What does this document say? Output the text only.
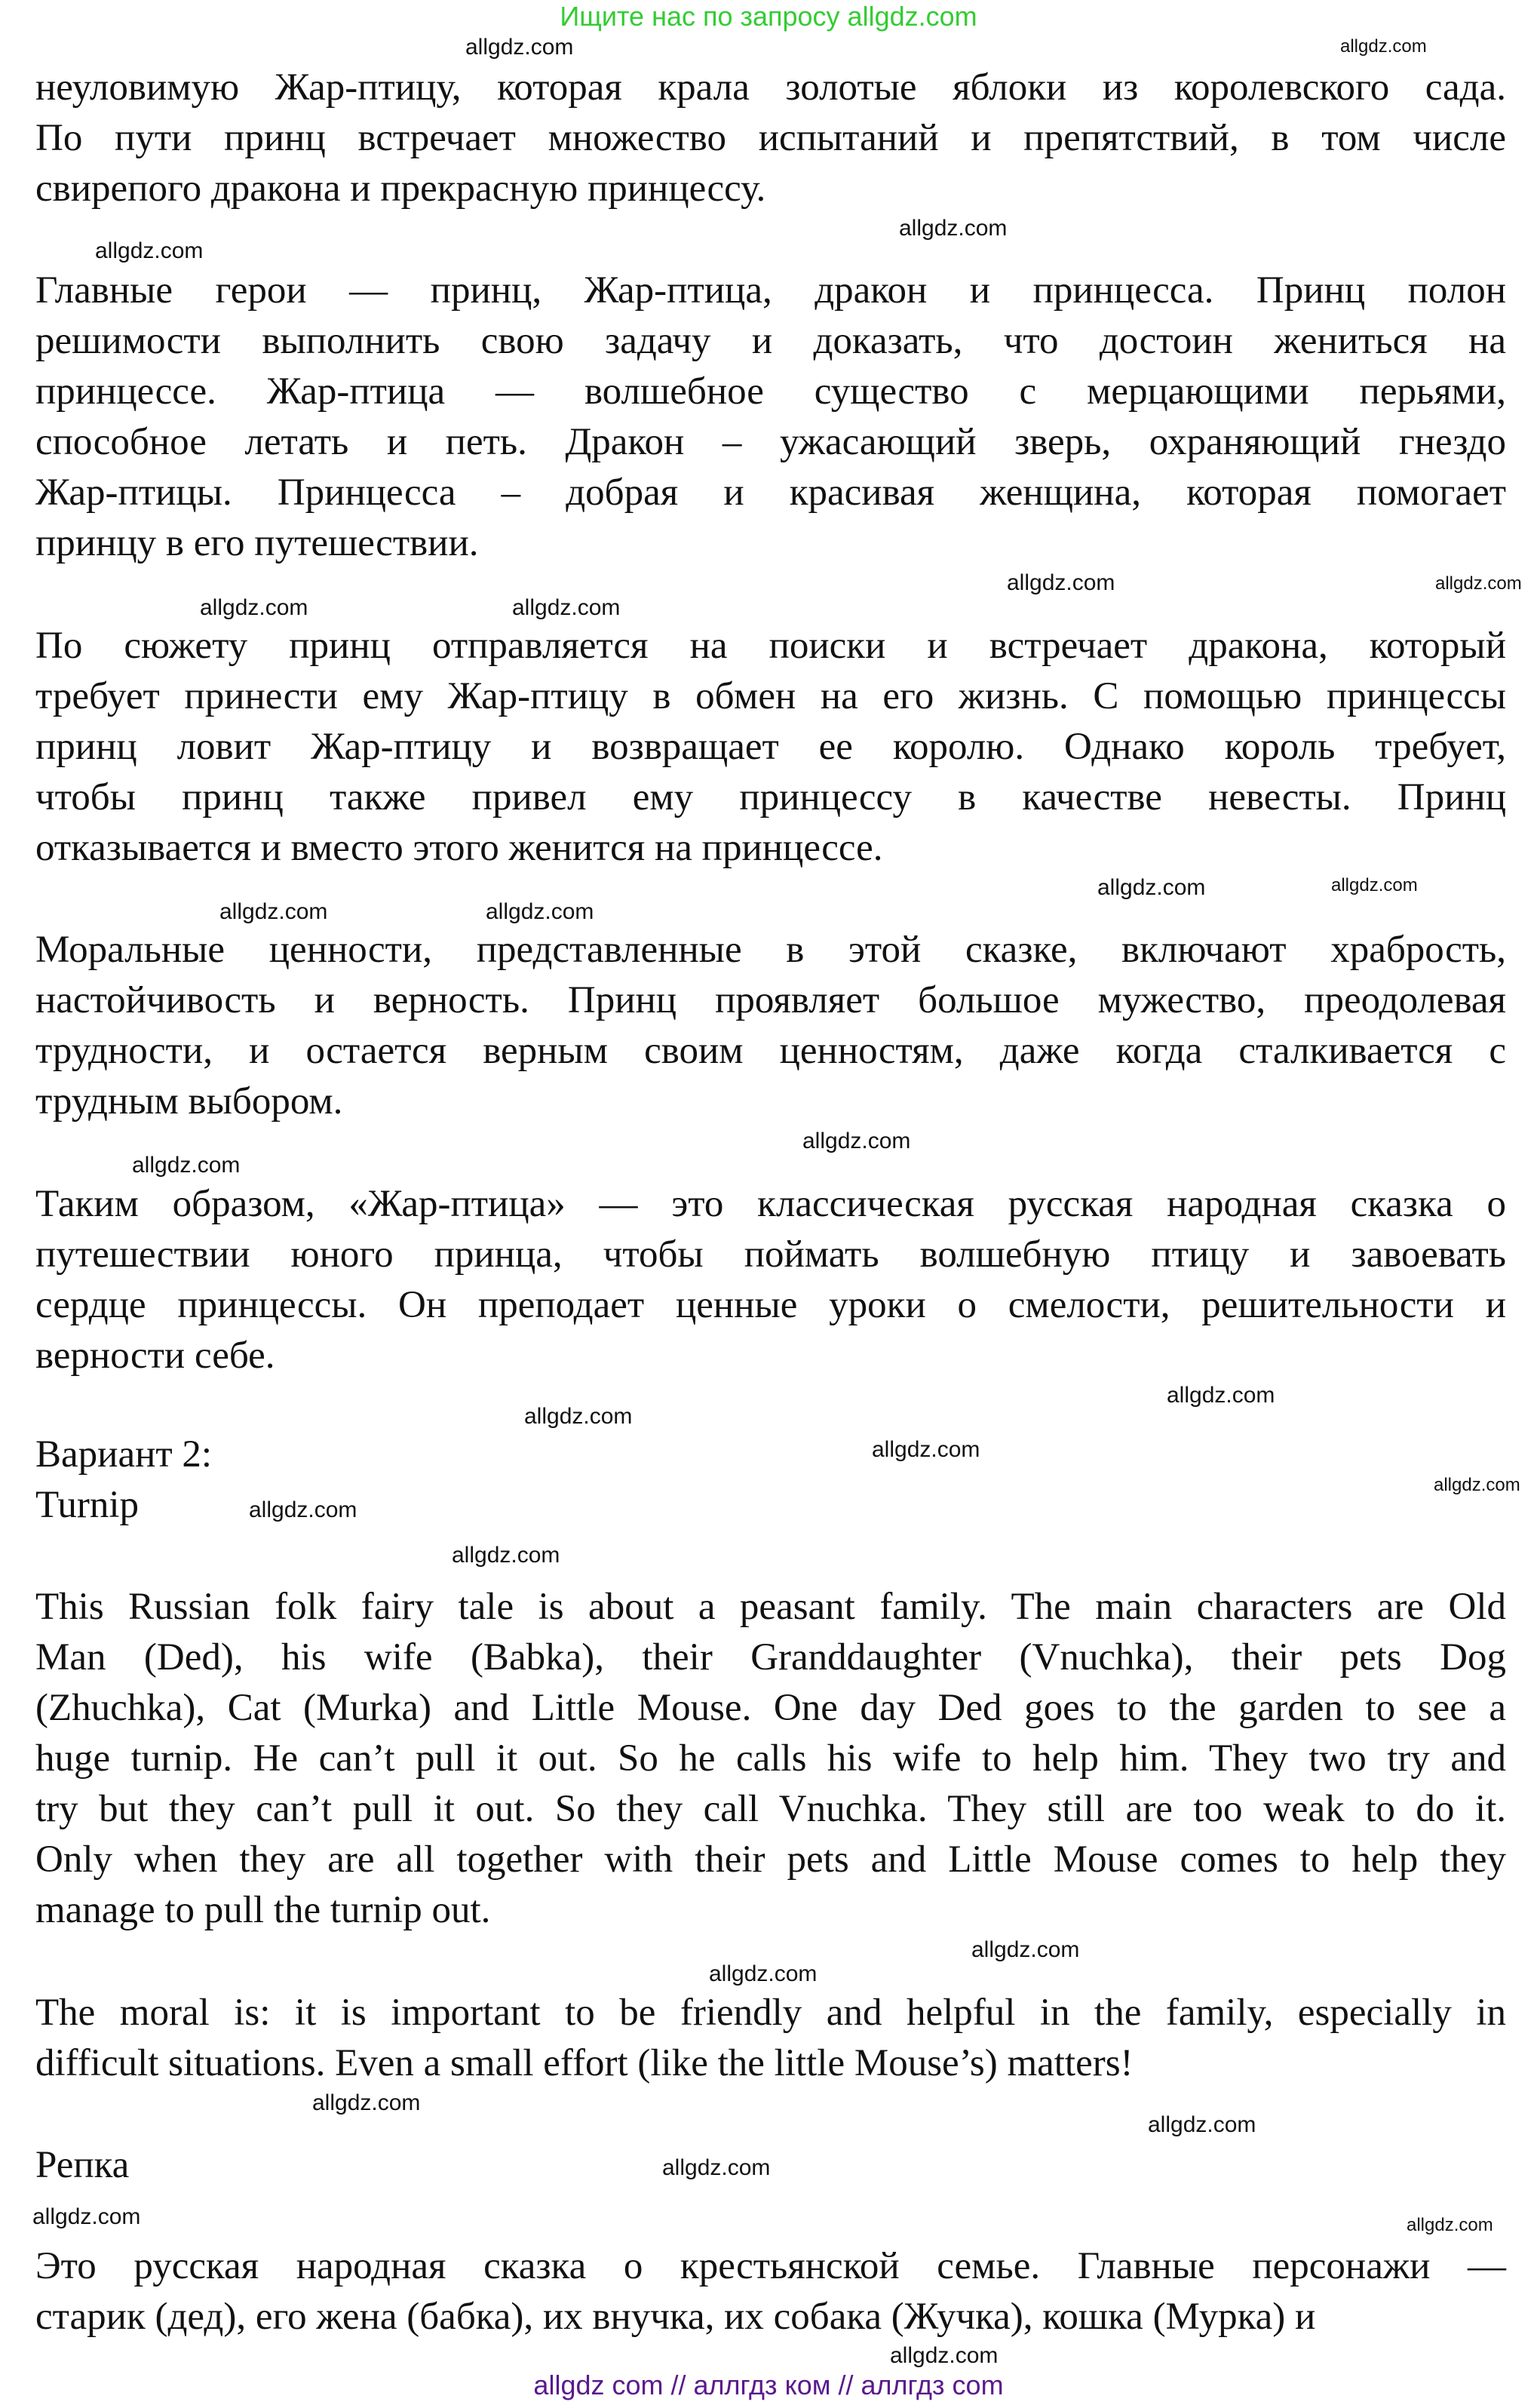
Ищите нас по запросу allgdz.com
неуловимую Жар-птицу, которая крала золотые яблоки из королевского сада.
По пути принц встречает множество испытаний и препятствий, в том числе
свирепого дракона и прекрасную принцессу.
Главные герои — принц, Жар-птица, дракон и принцесса. Принц полон
решимости выполнить свою задачу и доказать, что достоин жениться на
принцессе. Жар-птица — волшебное существо с мерцающими перьями,
способное летать и петь. Дракон – ужасающий зверь, охраняющий гнездо
Жар-птицы. Принцесса – добрая и красивая женщина, которая помогает
принцу в его путешествии.
По сюжету принц отправляется на поиски и встречает дракона, который
требует принести ему Жар-птицу в обмен на его жизнь. С помощью принцессы
принц ловит Жар-птицу и возвращает ее королю. Однако король требует,
чтобы принц также привел ему принцессу в качестве невесты. Принц
отказывается и вместо этого женится на принцессе.
Моральные ценности, представленные в этой сказке, включают храбрость,
настойчивость и верность. Принц проявляет большое мужество, преодолевая
трудности, и остается верным своим ценностям, даже когда сталкивается с
трудным выбором.
Таким образом, «Жар-птица» — это классическая русская народная сказка о
путешествии юного принца, чтобы поймать волшебную птицу и завоевать
сердце принцессы. Он преподает ценные уроки о смелости, решительности и
верности себе.
Вариант 2:
Turnip
This Russian folk fairy tale is about a peasant family. The main characters are Old
Man (Ded), his wife (Babka), their Granddaughter (Vnuchka), their pets Dog
(Zhuchka), Cat (Murka) and Little Mouse. One day Ded goes to the garden to see a
huge turnip. He can’t pull it out. So he calls his wife to help him. They two try and
try but they can’t pull it out. So they call Vnuchka. They still are too weak to do it.
Only when they are all together with their pets and Little Mouse comes to help they
manage to pull the turnip out.
The moral is: it is important to be friendly and helpful in the family, especially in
difficult situations. Even a small effort (like the little Mouse’s) matters!
Репка
Это русская народная сказка о крестьянской семье. Главные персонажи —
старик (дед), его жена (бабка), их внучка, их собака (Жучка), кошка (Мурка) и
allgdz.com	allgdz.com
allgdz.com
allgdz.com
allgdz.com	allgdz.com
allgdz.com
allgdz.com
allgdz.com
allgdz.com
allgdz.com	allgdz.com
allgdz.com
allgdz.com
allgdz.com
allgdz.com
allgdz.com
allgdz.com
allgdz.com
allgdz.com
allgdz.com
allgdz.com
allgdz.com
allgdz.com
allgdz.com
allgdz.com	allgdz.com
allgdz.com
allgdz com // аллгдз ком // аллгдз com
